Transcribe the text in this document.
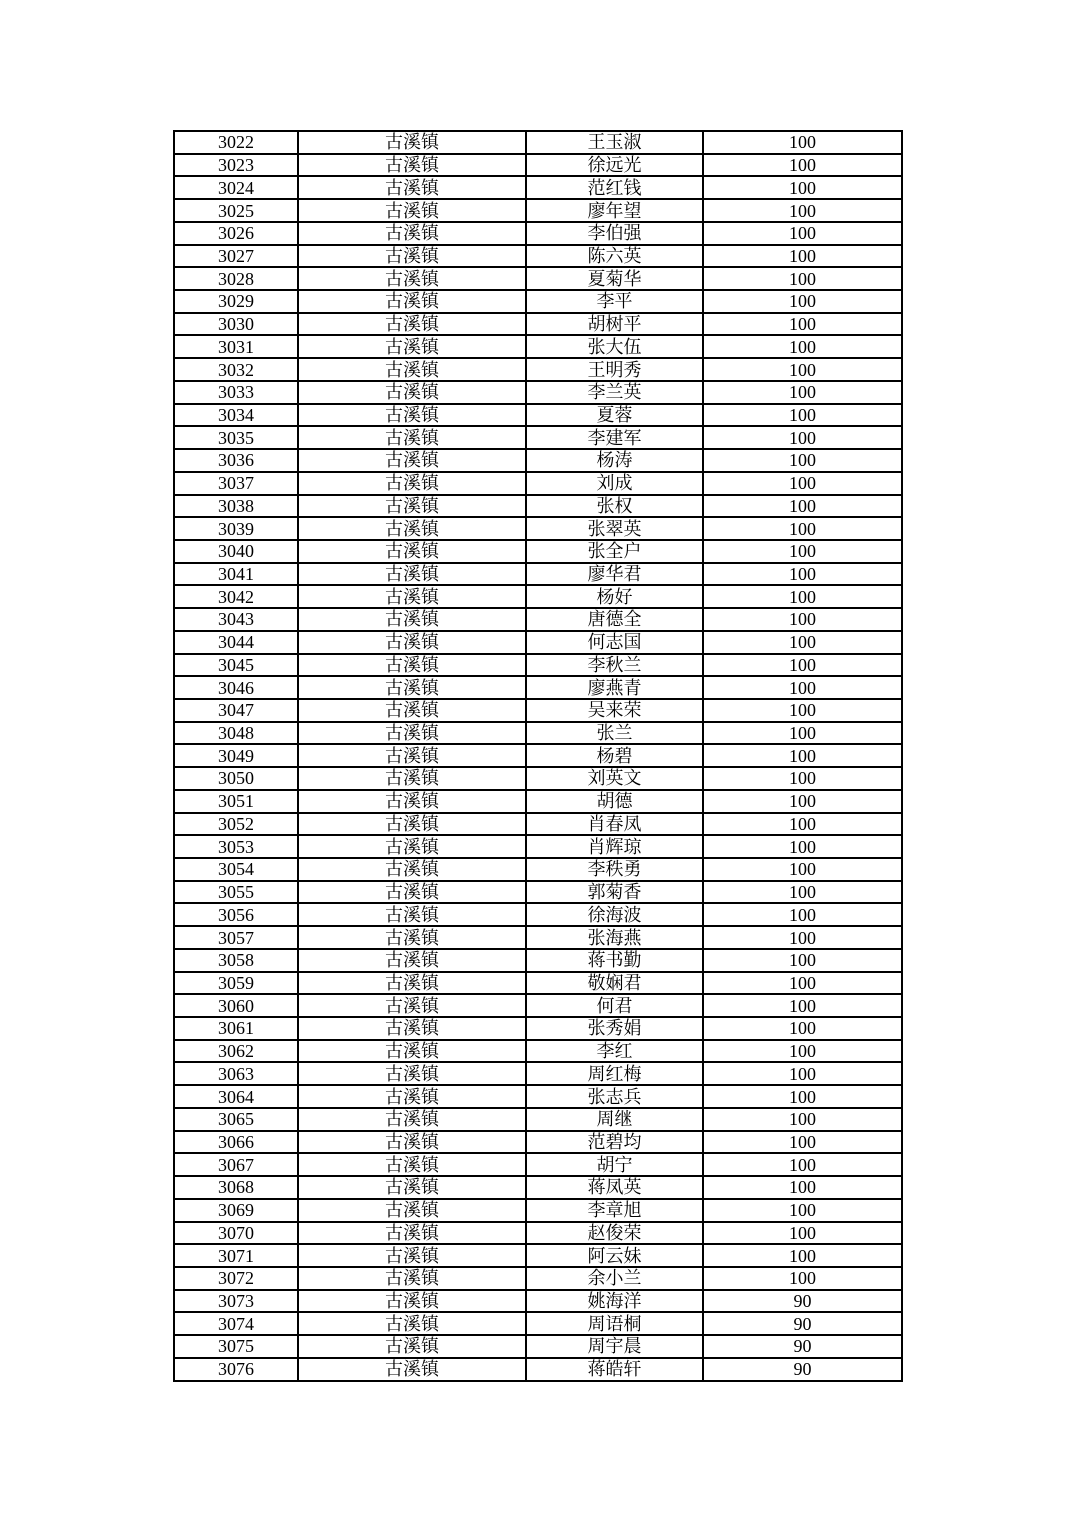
3022	古溪镇	王玉淑	100
3023	古溪镇	徐远光	100
3024	古溪镇	范红钱	100
3025	古溪镇	廖年望	100
3026	古溪镇	李伯强	100
3027	古溪镇	陈六英	100
3028	古溪镇	夏菊华	100
3029	古溪镇	李平	100
3030	古溪镇	胡树平	100
3031	古溪镇	张大伍	100
3032	古溪镇	王明秀	100
3033	古溪镇	李兰英	100
3034	古溪镇	夏蓉	100
3035	古溪镇	李建军	100
3036	古溪镇	杨涛	100
3037	古溪镇	刘成	100
3038	古溪镇	张权	100
3039	古溪镇	张翠英	100
3040	古溪镇	张全户	100
3041	古溪镇	廖华君	100
3042	古溪镇	杨好	100
3043	古溪镇	唐德全	100
3044	古溪镇	何志国	100
3045	古溪镇	李秋兰	100
3046	古溪镇	廖燕青	100
3047	古溪镇	吴来荣	100
3048	古溪镇	张兰	100
3049	古溪镇	杨碧	100
3050	古溪镇	刘英文	100
3051	古溪镇	胡德	100
3052	古溪镇	肖春凤	100
3053	古溪镇	肖辉琼	100
3054	古溪镇	李秩勇	100
3055	古溪镇	郭菊香	100
3056	古溪镇	徐海波	100
3057	古溪镇	张海燕	100
3058	古溪镇	蒋书勤	100
3059	古溪镇	敬娴君	100
3060	古溪镇	何君	100
3061	古溪镇	张秀娟	100
3062	古溪镇	李红	100
3063	古溪镇	周红梅	100
3064	古溪镇	张志兵	100
3065	古溪镇	周继	100
3066	古溪镇	范碧均	100
3067	古溪镇	胡宁	100
3068	古溪镇	蒋凤英	100
3069	古溪镇	李章旭	100
3070	古溪镇	赵俊荣	100
3071	古溪镇	阿云妹	100
3072	古溪镇	余小兰	100
3073	古溪镇	姚海洋	90
3074	古溪镇	周语桐	90
3075	古溪镇	周宇晨	90
3076	古溪镇	蒋皓轩	90
